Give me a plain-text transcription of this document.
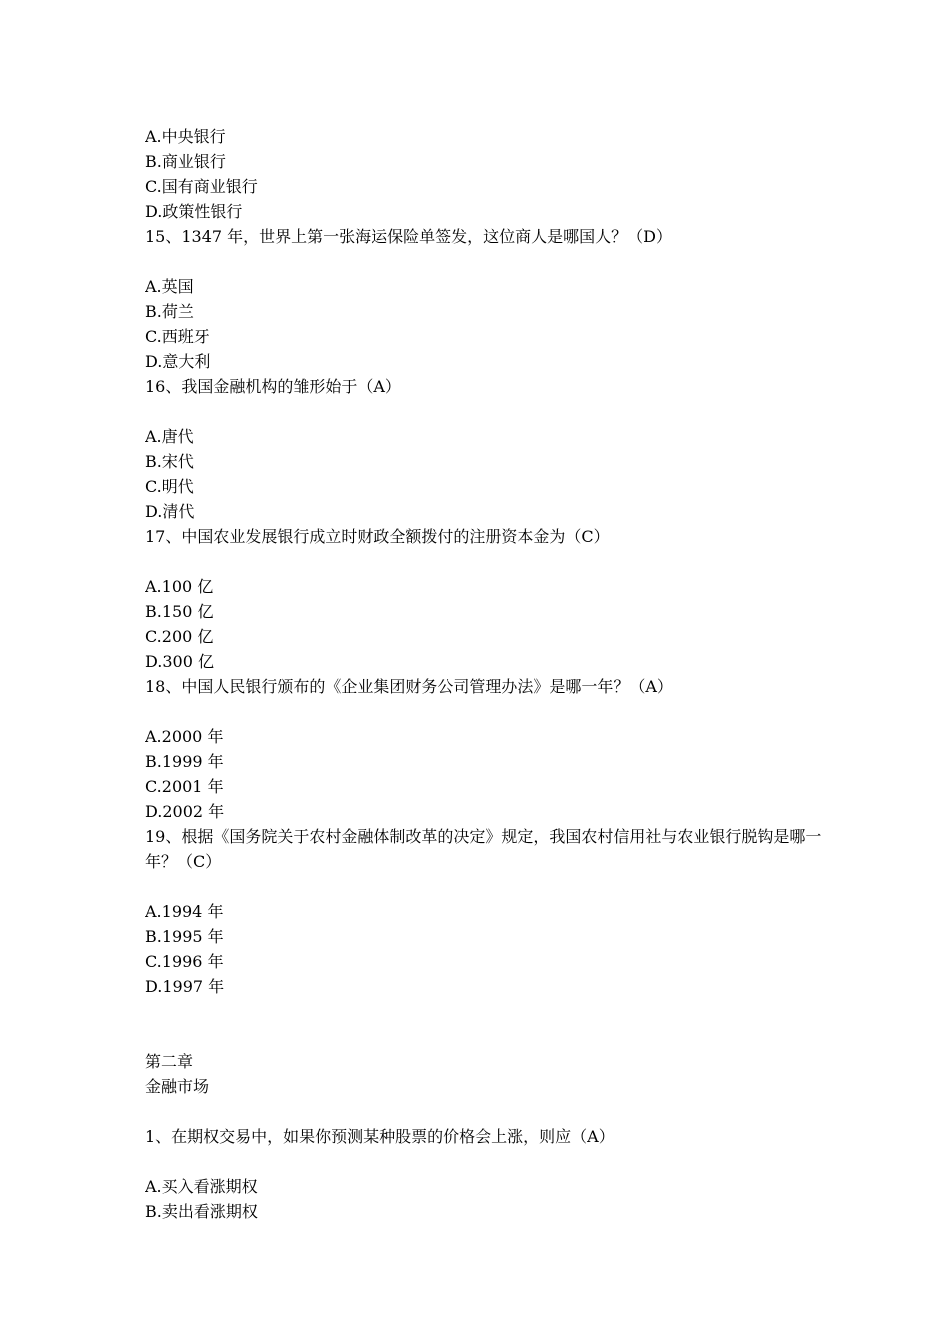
A.中央银行
B.商业银行
C.国有商业银行
D.政策性银行
15、1347 年，世界上第一张海运保险单签发，这位商人是哪国人？（D）
A.英国
B.荷兰
C.西班牙
D.意大利
16、我国金融机构的雏形始于（A）
A.唐代
B.宋代
C.明代
D.清代
17、中国农业发展银行成立时财政全额拨付的注册资本金为（C）
A.100 亿
B.150 亿
C.200 亿
D.300 亿
18、中国人民银行颁布的《企业集团财务公司管理办法》是哪一年？（A）
A.2000 年
B.1999 年
C.2001 年
D.2002 年
19、根据《国务院关于农村金融体制改革的决定》规定，我国农村信用社与农业银行脱钩是哪一年？（C）
A.1994 年
B.1995 年
C.1996 年
D.1997 年
第二章
金融市场
1、在期权交易中，如果你预测某种股票的价格会上涨，则应（A）
A.买入看涨期权
B.卖出看涨期权
